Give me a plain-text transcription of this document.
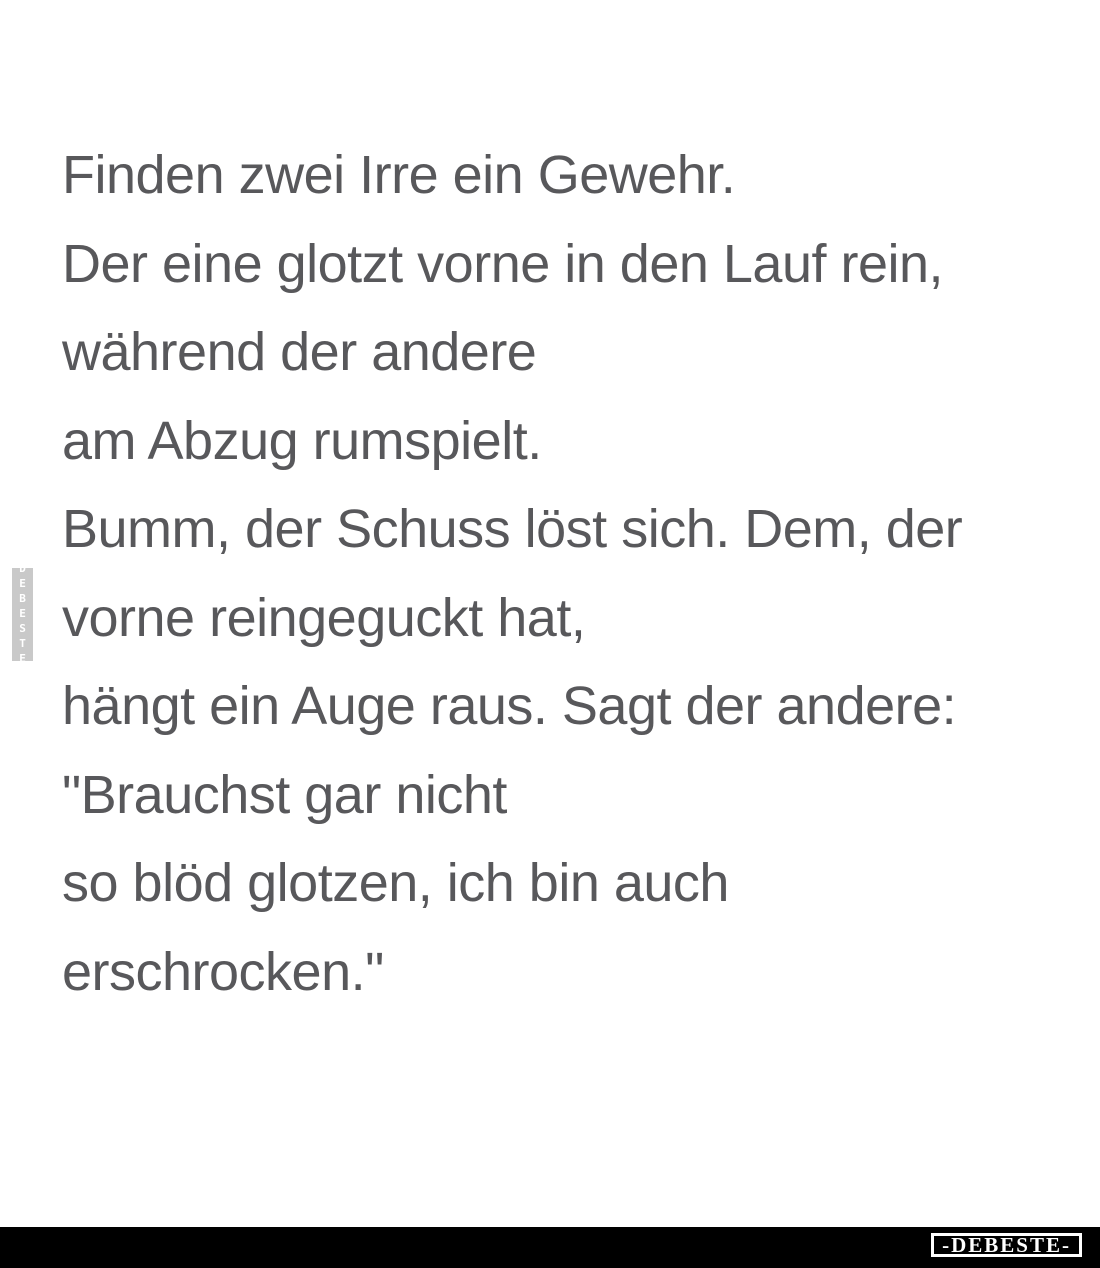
Finden zwei Irre ein Gewehr.
Der eine glotzt vorne in den Lauf rein,
während der andere
am Abzug rumspielt.
Bumm, der Schuss löst sich. Dem, der
vorne reingeguckt hat,
hängt ein Auge raus. Sagt der andere:
"Brauchst gar nicht
so blöd glotzen, ich bin auch
erschrocken."
DEBESTE
-DEBESTE-
